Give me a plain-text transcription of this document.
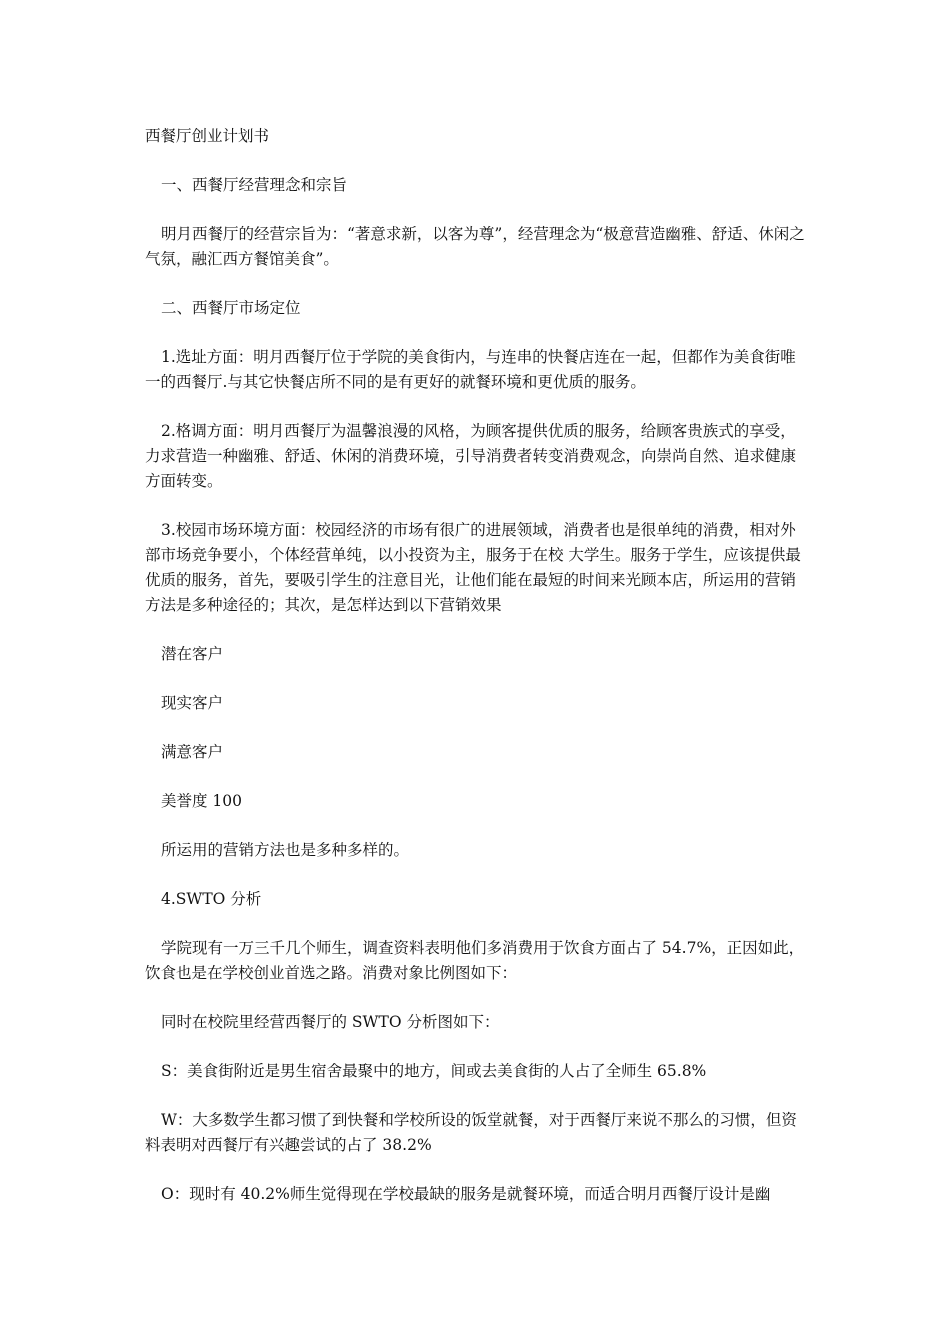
西餐厅创业计划书

一、西餐厅经营理念和宗旨

明月西餐厅的经营宗旨为：“著意求新，以客为尊”，经营理念为“极意营造幽雅、舒适、休闲之气氛，融汇西方餐馆美食”。

二、西餐厅市场定位

1.选址方面：明月西餐厅位于学院的美食街内，与连串的快餐店连在一起，但都作为美食街唯一的西餐厅.与其它快餐店所不同的是有更好的就餐环境和更优质的服务。

2.格调方面：明月西餐厅为温馨浪漫的风格，为顾客提供优质的服务，给顾客贵族式的享受，力求营造一种幽雅、舒适、休闲的消费环境，引导消费者转变消费观念，向崇尚自然、追求健康方面转变。

3.校园市场环境方面：校园经济的市场有很广的进展领域，消费者也是很单纯的消费，相对外部市场竞争要小，个体经营单纯，以小投资为主，服务于在校 大学生。服务于学生，应该提供最优质的服务，首先，要吸引学生的注意目光，让他们能在最短的时间来光顾本店，所运用的营销方法是多种途径的；其次，是怎样达到以下营销效果

潜在客户

现实客户

满意客户

美誉度 100

所运用的营销方法也是多种多样的。

4.SWTO 分析

学院现有一万三千几个师生，调查资料表明他们多消费用于饮食方面占了 54.7%，正因如此，饮食也是在学校创业首选之路。消费对象比例图如下：

同时在校院里经营西餐厅的 SWTO 分析图如下：

S：美食街附近是男生宿舍最聚中的地方，间或去美食街的人占了全师生 65.8%

W：大多数学生都习惯了到快餐和学校所设的饭堂就餐，对于西餐厅来说不那么的习惯，但资料表明对西餐厅有兴趣尝试的占了 38.2%

O：现时有 40.2%师生觉得现在学校最缺的服务是就餐环境，而适合明月西餐厅设计是幽
